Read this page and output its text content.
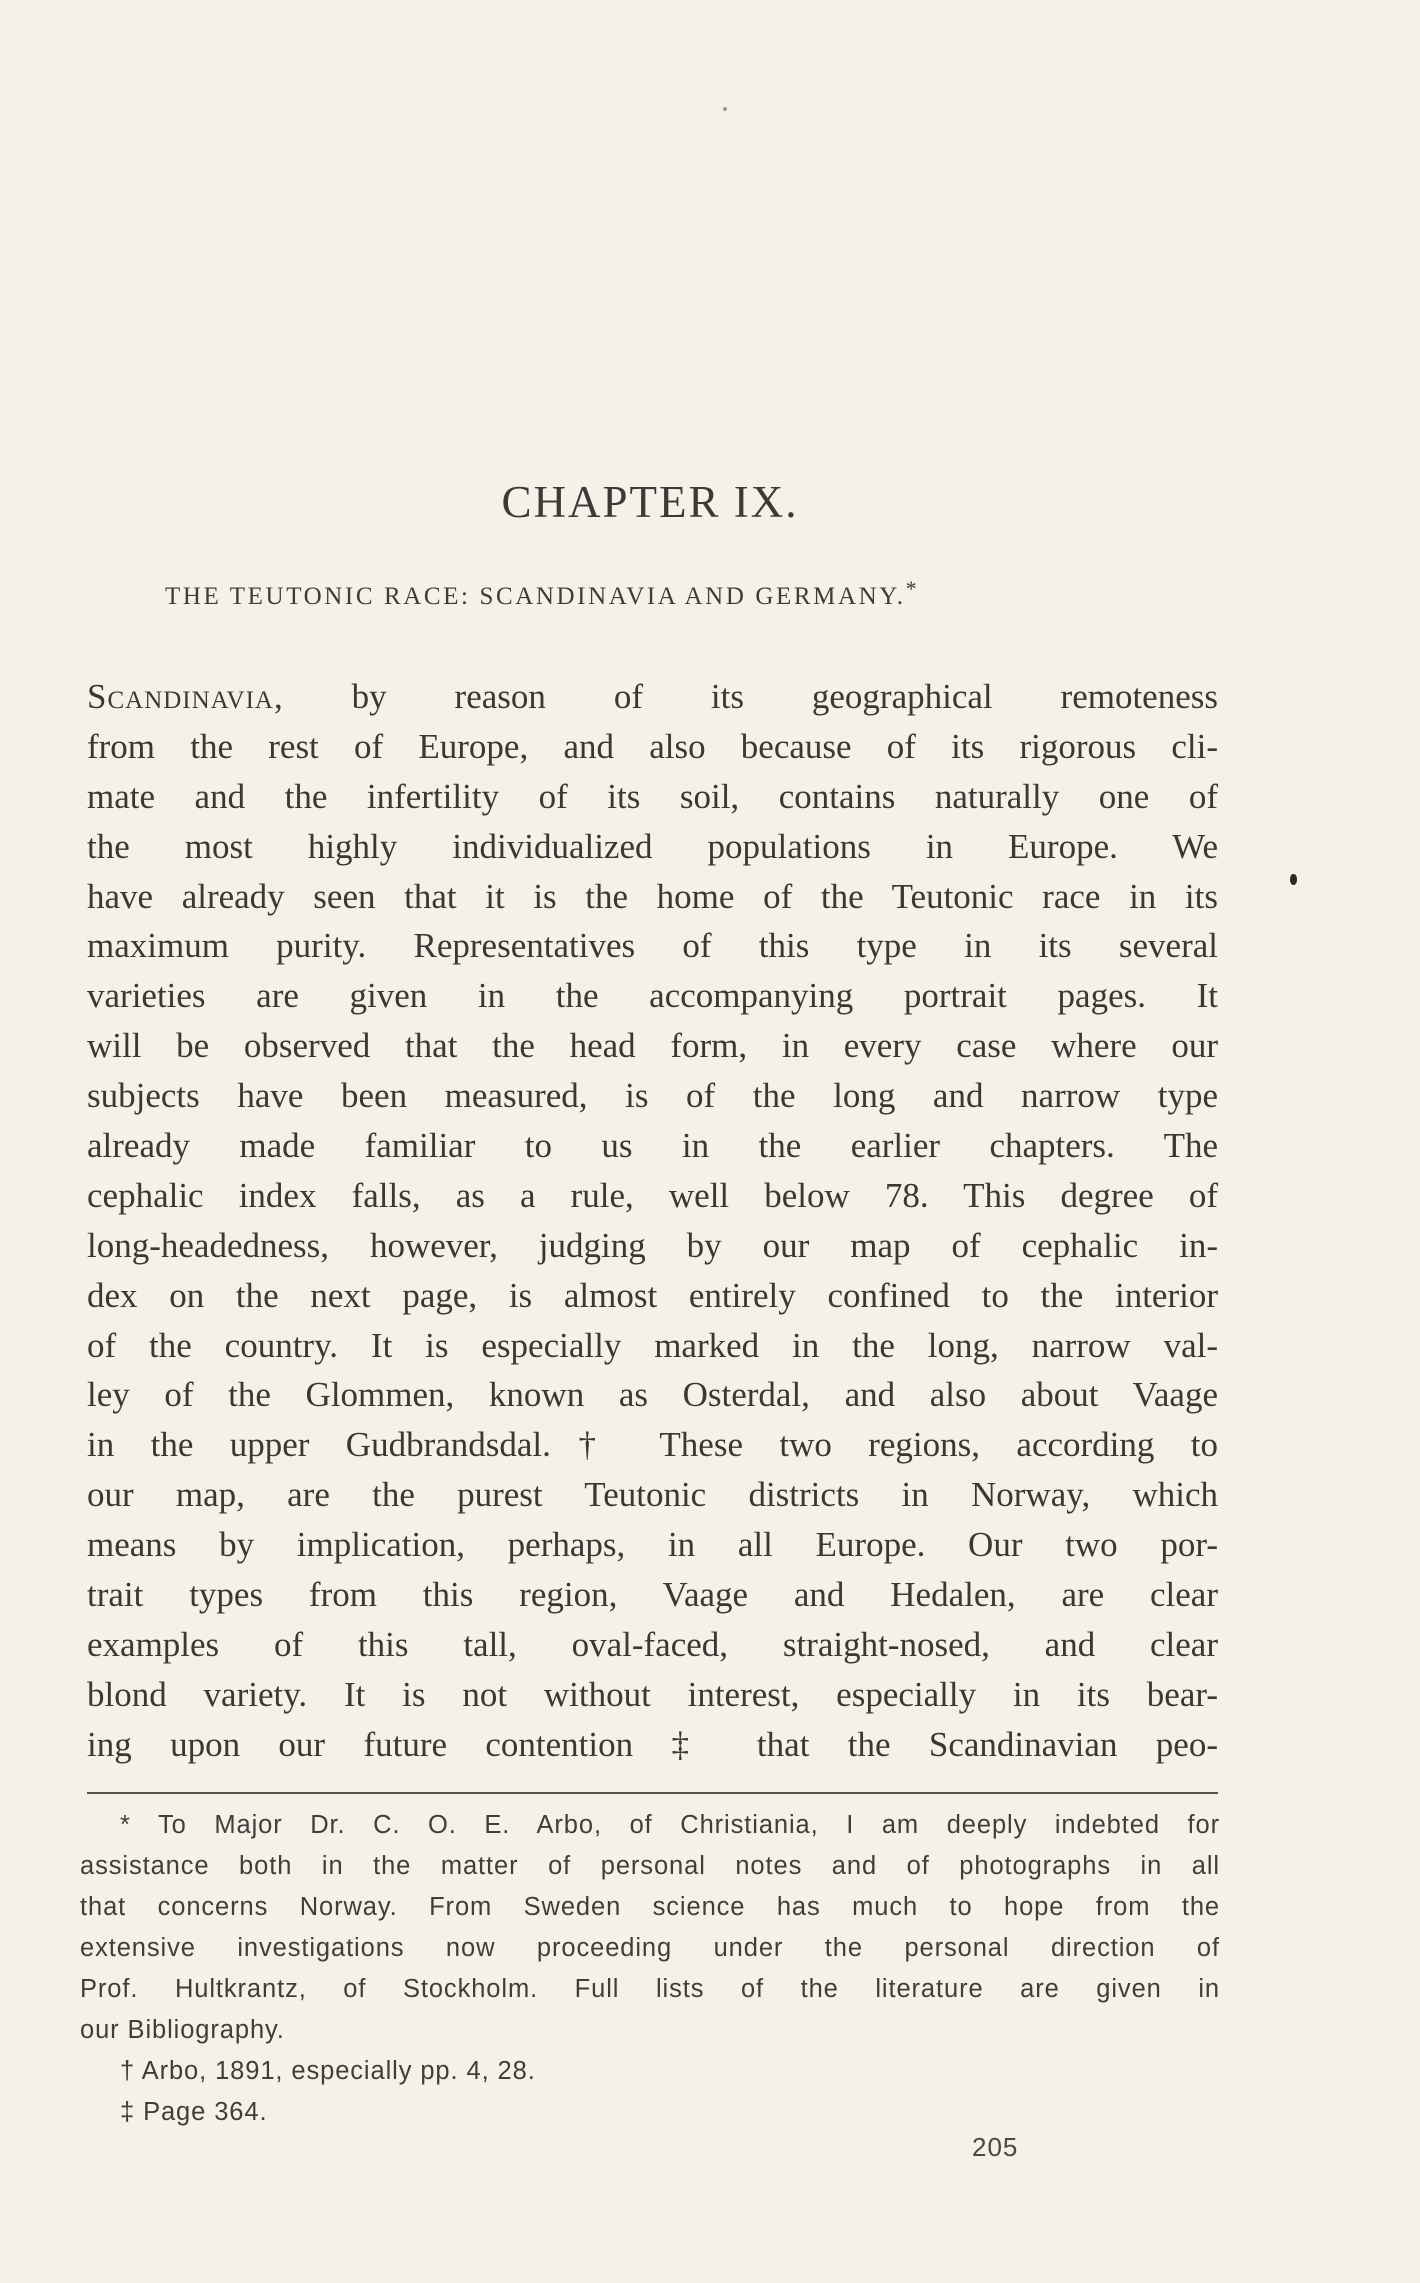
CHAPTER IX.
THE TEUTONIC RACE: SCANDINAVIA AND GERMANY.*
Scandinavia, by reason of its geographical remoteness
from the rest of Europe, and also because of its rigorous cli-
mate and the infertility of its soil, contains naturally one of
the most highly individualized populations in Europe. We
have already seen that it is the home of the Teutonic race in its
maximum purity. Representatives of this type in its several
varieties are given in the accompanying portrait pages. It
will be observed that the head form, in every case where our
subjects have been measured, is of the long and narrow type
already made familiar to us in the earlier chapters. The
cephalic index falls, as a rule, well below 78. This degree of
long-headedness, however, judging by our map of cephalic in-
dex on the next page, is almost entirely confined to the interior
of the country. It is especially marked in the long, narrow val-
ley of the Glommen, known as Osterdal, and also about Vaage
in the upper Gudbrandsdal.† These two regions, according to
our map, are the purest Teutonic districts in Norway, which
means by implication, perhaps, in all Europe. Our two por-
trait types from this region, Vaage and Hedalen, are clear
examples of this tall, oval-faced, straight-nosed, and clear
blond variety. It is not without interest, especially in its bear-
ing upon our future contention ‡ that the Scandinavian peo-
* To Major Dr. C. O. E. Arbo, of Christiania, I am deeply indebted for
assistance both in the matter of personal notes and of photographs in all
that concerns Norway. From Sweden science has much to hope from the
extensive investigations now proceeding under the personal direction of
Prof. Hultkrantz, of Stockholm. Full lists of the literature are given in
our Bibliography.
† Arbo, 1891, especially pp. 4, 28.
‡ Page 364.
205
